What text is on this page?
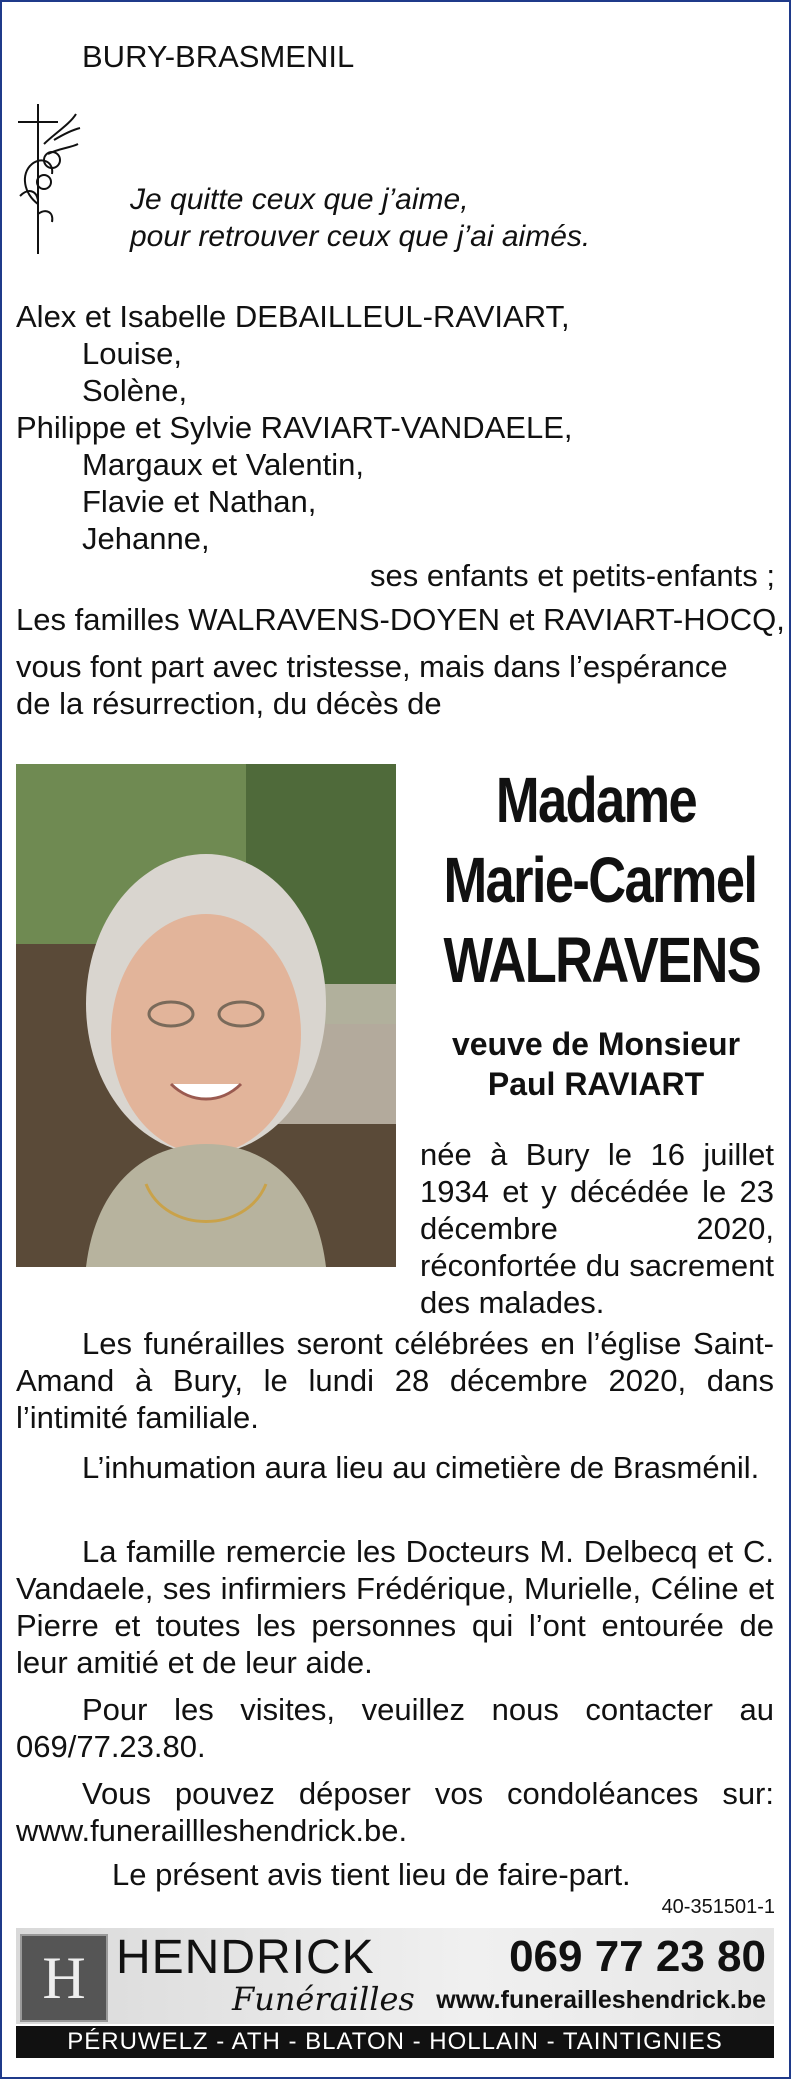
BURY-BRASMENIL
Je quitte ceux que j’aime,
pour retrouver ceux que j’ai aimés.
Alex et Isabelle DEBAILLEUL-RAVIART,
Louise,
Solène,
Philippe et Sylvie RAVIART-VANDAELE,
Margaux et Valentin,
Flavie et Nathan,
Jehanne,
ses enfants et petits-enfants ;
Les familles WALRAVENS-DOYEN et RAVIART-HOCQ,
vous font part avec tristesse, mais dans l’espérance
de la résurrection, du décès de
Madame
Marie-Carmel
WALRAVENS
veuve de Monsieur
Paul RAVIART
née à Bury le 16 juillet 1934 et y décédée le 23 décembre 2020, réconfortée du sacrement des malades.
Les funérailles seront célébrées en l’église Saint-Amand à Bury, le lundi 28 décembre 2020, dans l’intimité familiale.
L’inhumation aura lieu au cimetière de Brasménil.
La famille remercie les Docteurs M. Delbecq et C. Vandaele, ses infirmiers Frédérique, Murielle, Céline et Pierre et toutes les personnes qui l’ont entourée de leur amitié et de leur aide.
Pour les visites, veuillez nous contacter au 069/77.23.80.
Vous pouvez déposer vos condoléances sur: www.funeraillleshendrick.be.
Le présent avis tient lieu de faire-part.
40-351501-1
H HENDRICK
Funérailles
069 77 23 80
www.funerailleshendrick.be
PÉRUWELZ - ATH - BLATON - HOLLAIN - TAINTIGNIES
